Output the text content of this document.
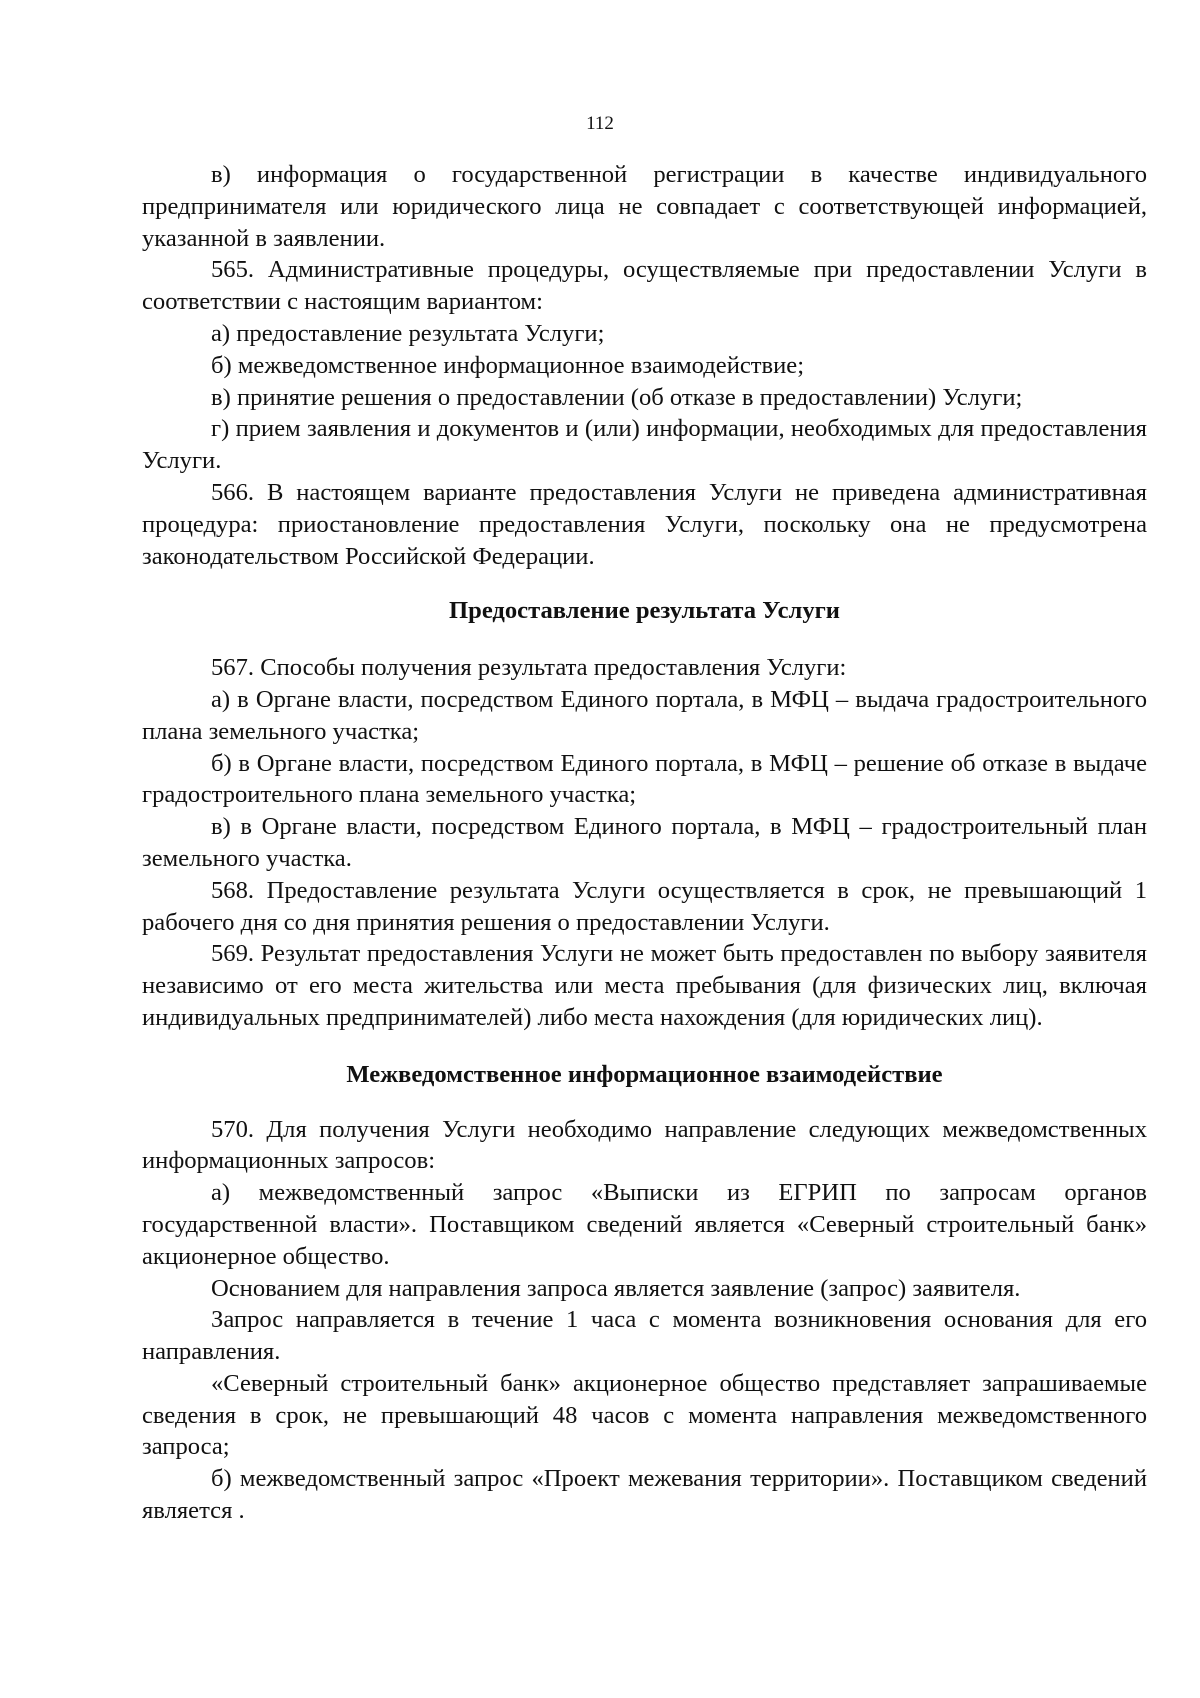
112

в) информация о государственной регистрации в качестве индивидуального предпринимателя или юридического лица не совпадает с соответствующей информацией, указанной в заявлении.

565. Административные процедуры, осуществляемые при предоставлении Услуги в соответствии с настоящим вариантом:

а) предоставление результата Услуги;

б) межведомственное информационное взаимодействие;

в) принятие решения о предоставлении (об отказе в предоставлении) Услуги;

г) прием заявления и документов и (или) информации, необходимых для предоставления Услуги.

566. В настоящем варианте предоставления Услуги не приведена административная процедура: приостановление предоставления Услуги, поскольку она не предусмотрена законодательством Российской Федерации.

Предоставление результата Услуги

567. Способы получения результата предоставления Услуги:

а) в Органе власти, посредством Единого портала, в МФЦ – выдача градостроительного плана земельного участка;

б) в Органе власти, посредством Единого портала, в МФЦ – решение об отказе в выдаче градостроительного плана земельного участка;

в) в Органе власти, посредством Единого портала, в МФЦ – градостроительный план земельного участка.

568. Предоставление результата Услуги осуществляется в срок, не превышающий 1 рабочего дня со дня принятия решения о предоставлении Услуги.

569. Результат предоставления Услуги не может быть предоставлен по выбору заявителя независимо от его места жительства или места пребывания (для физических лиц, включая индивидуальных предпринимателей) либо места нахождения (для юридических лиц).

Межведомственное информационное взаимодействие

570. Для получения Услуги необходимо направление следующих межведомственных информационных запросов:

а) межведомственный запрос «Выписки из ЕГРИП по запросам органов государственной власти». Поставщиком сведений является «Северный строительный банк» акционерное общество.

Основанием для направления запроса является заявление (запрос) заявителя.

Запрос направляется в течение 1 часа с момента возникновения основания для его направления.

«Северный строительный банк» акционерное общество представляет запрашиваемые сведения в срок, не превышающий 48 часов с момента направления межведомственного запроса;

б) межведомственный запрос «Проект межевания территории». Поставщиком сведений является .
